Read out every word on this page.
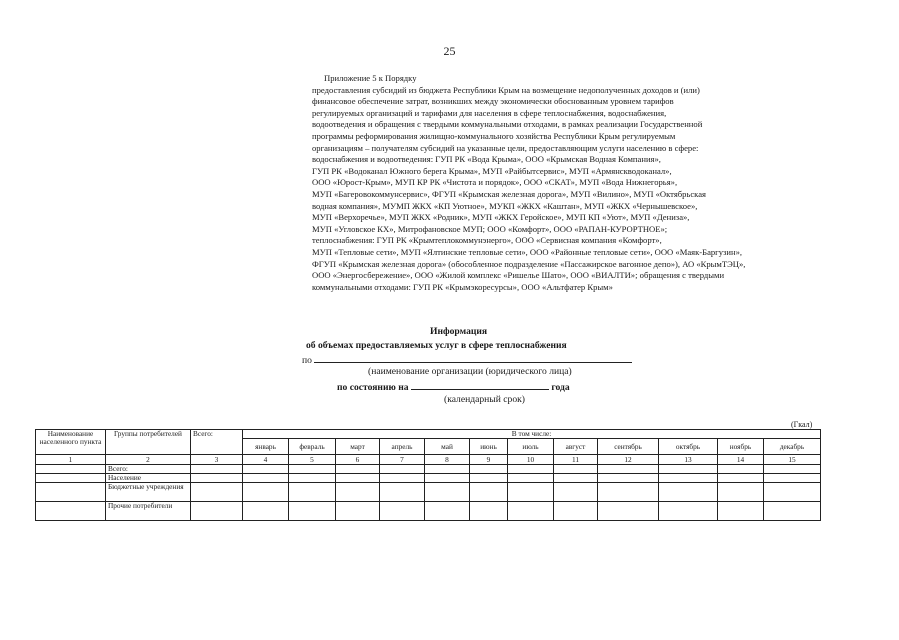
25
Приложение 5 к Порядку
предоставления субсидий из бюджета Республики Крым на возмещение недополученных доходов и (или)
финансовое обеспечение затрат, возникших между экономически обоснованным уровнем тарифов
регулируемых организаций и тарифами для населения в сфере теплоснабжения, водоснабжения,
водоотведения и обращения с твердыми коммунальными отходами, в рамках реализации Государственной
программы реформирования жилищно-коммунального хозяйства Республики Крым регулируемым
организациям – получателям субсидий на указанные цели, предоставляющим услуги населению в сфере:
водоснабжения и водоотведения: ГУП РК «Вода Крыма», ООО «Крымская Водная Компания»,
ГУП РК «Водоканал Южного берега Крыма», МУП «Райбытсервис», МУП «Армянскводоканал»,
ООО «Юрост-Крым», МУП КР РК «Чистота и порядок», ООО «СКАТ», МУП «Вода Нижнегорья»,
МУП «Багеровокоммунсервис», ФГУП «Крымская железная дорога», МУП «Вилино», МУП «Октябрьская
водная компания», МУМП ЖКХ «КП Уютное», МУКП «ЖКХ «Каштан», МУП «ЖКХ «Чернышевское»,
МУП «Верхоречье», МУП ЖКХ «Родник», МУП «ЖКХ Геройское», МУП КП «Уют», МУП «Дениза»,
МУП «Угловское КХ», Митрофановское МУП; ООО «Комфорт», ООО «РАПАН-КУРОРТНОЕ»;
теплоснабжения: ГУП РК «Крымтеплокоммунэнерго», ООО «Сервисная компания «Комфорт»,
МУП «Тепловые сети», МУП «Ялтинские тепловые сети», ООО «Районные тепловые сети», ООО «Маяк-Баргузин»,
ФГУП «Крымская железная дорога» (обособленное подразделение «Пассажирское вагонное депо»), АО «КрымТЭЦ»,
ООО «Энергосбережение», ООО «Жилой комплекс «Ришелье Шато», ООО «ВИАЛТИ»; обращения с твердыми
коммунальными отходами: ГУП РК «Крымэкоресурсы», ООО «Альтфатер Крым»
Информация
об объемах предоставляемых услуг в сфере теплоснабжения
по
(наименование организации (юридического лица)
по состоянию на	года
(календарный срок)
(Гкал)
Наименование населенного пункта	Группы потребителей	Всего:	В том числе:											
			январь	февраль	март	апрель	май	июнь	июль	август	сентябрь	октябрь	ноябрь	декабрь
1	2	3	4	5	6	7	8	9	10	11	12	13	14	15
	Всего:													
	Население													
	Бюджетные учреждения													
	Прочие потребители													
